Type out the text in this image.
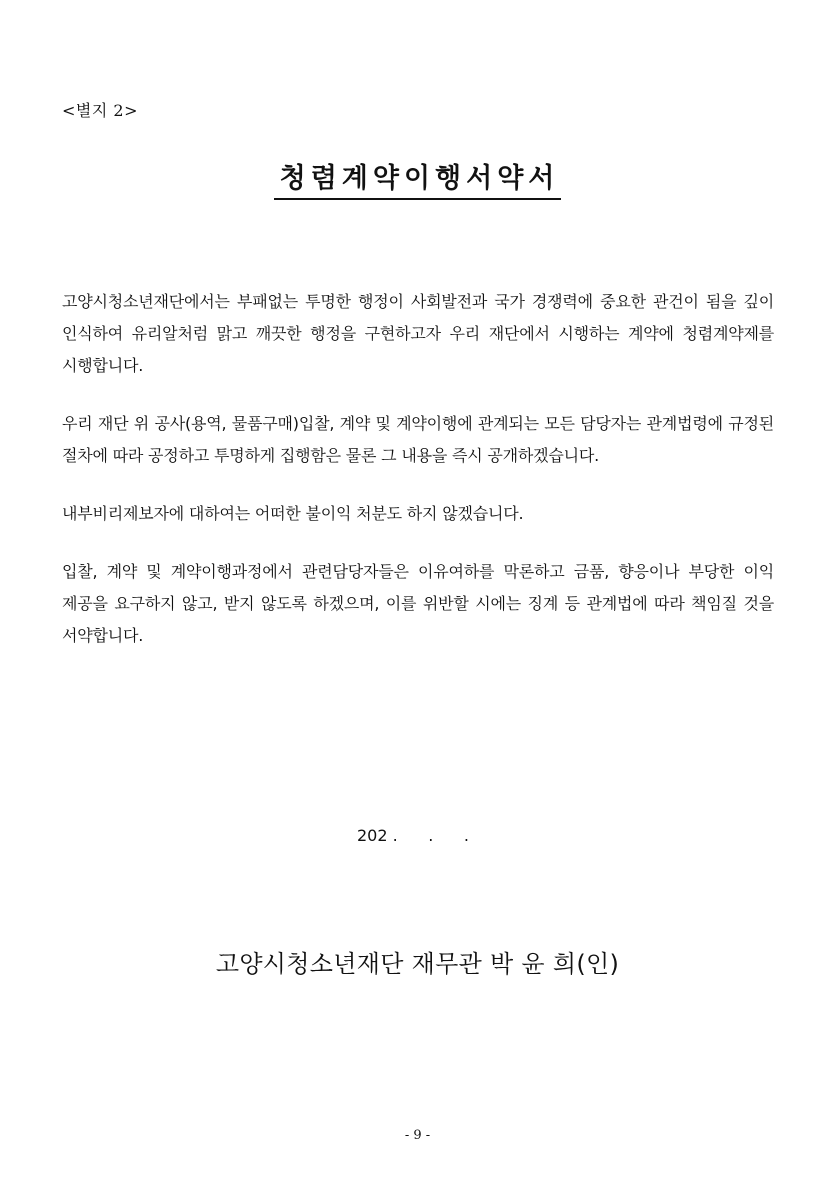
<별지 2>
청렴계약이행서약서

고양시청소년재단에서는 부패없는 투명한 행정이 사회발전과 국가 경쟁력에 중요한 관건이 됨을 깊이 인식하여 유리알처럼 맑고 깨끗한 행정을 구현하고자 우리 재단에서 시행하는 계약에 청렴계약제를 시행합니다.

우리 재단 위 공사(용역, 물품구매)입찰, 계약 및 계약이행에 관계되는 모든 담당자는 관계법령에 규정된 절차에 따라 공정하고 투명하게 집행함은 물론 그 내용을 즉시 공개하겠습니다.

내부비리제보자에 대하여는 어떠한 불이익 처분도 하지 않겠습니다.

입찰, 계약 및 계약이행과정에서 관련담당자들은 이유여하를 막론하고 금품, 향응이나 부당한 이익 제공을 요구하지 않고, 받지 않도록 하겠으며, 이를 위반할 시에는 징계 등 관계법에 따라 책임질 것을 서약합니다.

202 .      .      .
고양시청소년재단 재무관 박 윤 희(인)
- 9 -
